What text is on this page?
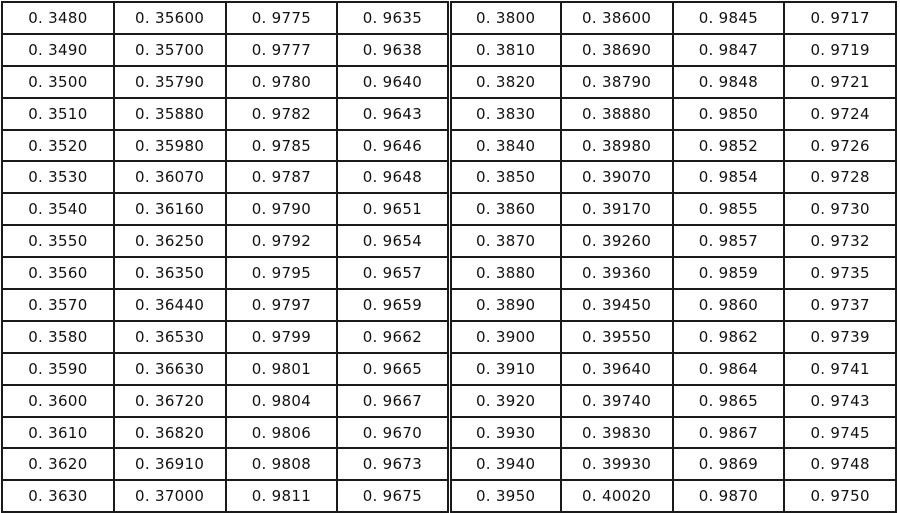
0. 3480	0. 35600	0. 9775	0. 9635	0. 3800	0. 38600	0. 9845	0. 9717
0. 3490	0. 35700	0. 9777	0. 9638	0. 3810	0. 38690	0. 9847	0. 9719
0. 3500	0. 35790	0. 9780	0. 9640	0. 3820	0. 38790	0. 9848	0. 9721
0. 3510	0. 35880	0. 9782	0. 9643	0. 3830	0. 38880	0. 9850	0. 9724
0. 3520	0. 35980	0. 9785	0. 9646	0. 3840	0. 38980	0. 9852	0. 9726
0. 3530	0. 36070	0. 9787	0. 9648	0. 3850	0. 39070	0. 9854	0. 9728
0. 3540	0. 36160	0. 9790	0. 9651	0. 3860	0. 39170	0. 9855	0. 9730
0. 3550	0. 36250	0. 9792	0. 9654	0. 3870	0. 39260	0. 9857	0. 9732
0. 3560	0. 36350	0. 9795	0. 9657	0. 3880	0. 39360	0. 9859	0. 9735
0. 3570	0. 36440	0. 9797	0. 9659	0. 3890	0. 39450	0. 9860	0. 9737
0. 3580	0. 36530	0. 9799	0. 9662	0. 3900	0. 39550	0. 9862	0. 9739
0. 3590	0. 36630	0. 9801	0. 9665	0. 3910	0. 39640	0. 9864	0. 9741
0. 3600	0. 36720	0. 9804	0. 9667	0. 3920	0. 39740	0. 9865	0. 9743
0. 3610	0. 36820	0. 9806	0. 9670	0. 3930	0. 39830	0. 9867	0. 9745
0. 3620	0. 36910	0. 9808	0. 9673	0. 3940	0. 39930	0. 9869	0. 9748
0. 3630	0. 37000	0. 9811	0. 9675	0. 3950	0. 40020	0. 9870	0. 9750
